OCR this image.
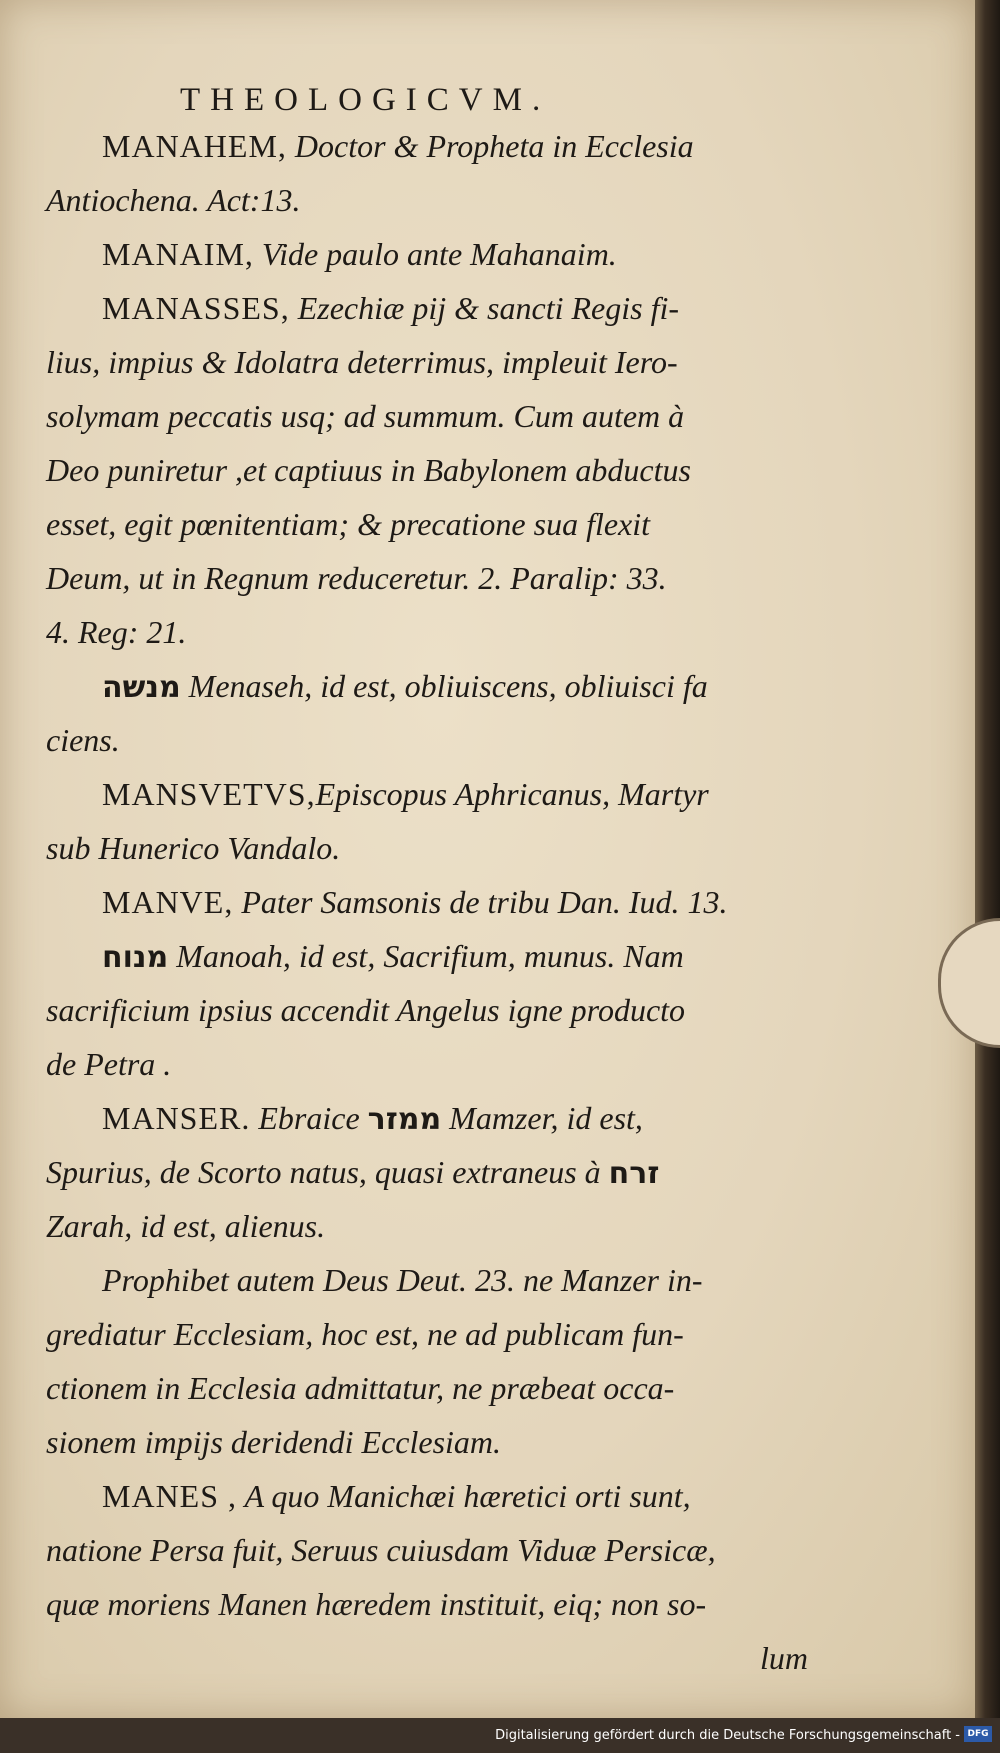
THEOLOGICVM.
MANAHEM, Doctor & Propheta in Ecclesia
Antiochena. Act:13.
MANAIM, Vide paulo ante Mahanaim.
MANASSES, Ezechiæ pij & sancti Regis fi-
lius, impius & Idolatra deterrimus, impleuit Iero-
solymam peccatis usq; ad summum. Cum autem à
Deo puniretur ,et captiuus in Babylonem abductus
esset, egit pœnitentiam; & precatione sua flexit
Deum, ut in Regnum reduceretur. 2. Paralip: 33.
4. Reg: 21.
מנשה Menaseh, id est, obliuiscens, obliuisci fa
ciens.
MANSVETVS,Episcopus Aphricanus, Martyr
sub Hunerico Vandalo.
MANVE, Pater Samsonis de tribu Dan. Iud. 13.
מנוח Manoah, id est, Sacrifium, munus. Nam
sacrificium ipsius accendit Angelus igne producto
de Petra .
MANSER. Ebraice ממזר Mamzer, id est,
Spurius, de Scorto natus, quasi extraneus à זרח
Zarah, id est, alienus.
Prophibet autem Deus Deut. 23. ne Manzer in-
grediatur Ecclesiam, hoc est, ne ad publicam fun-
ctionem in Ecclesia admittatur, ne præbeat occa-
sionem impijs deridendi Ecclesiam.
MANES , A quo Manichæi hæretici orti sunt,
natione Persa fuit, Seruus cuiusdam Viduæ Persicæ,
quæ moriens Manen hæredem instituit, eiq; non so-
lum
Digitalisierung gefördert durch die Deutsche Forschungsgemeinschaft - DFG
